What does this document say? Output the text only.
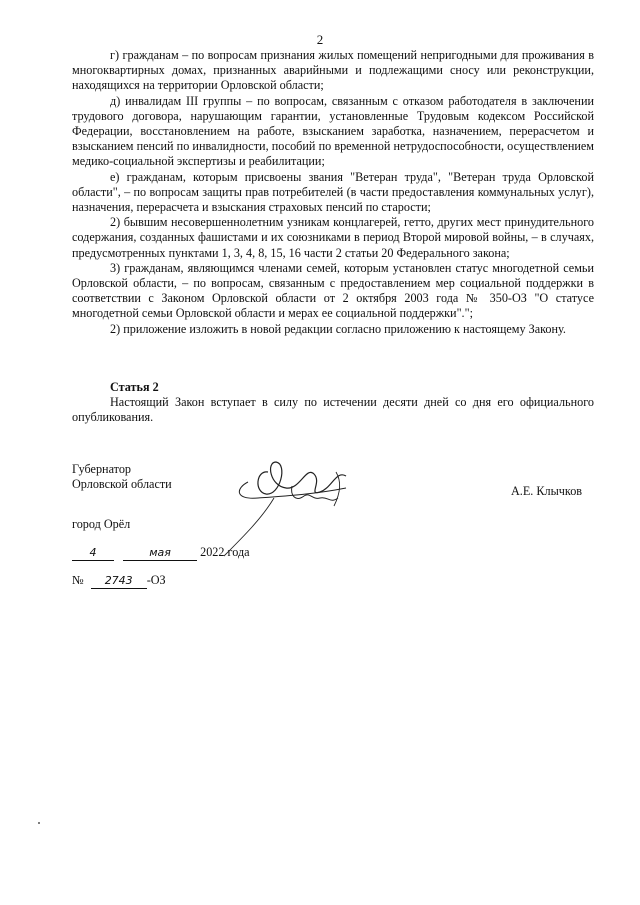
2

г) гражданам – по вопросам признания жилых помещений непригодными для проживания в многоквартирных домах, признанных аварийными и подлежащими сносу или реконструкции, находящихся на территории Орловской области;

д) инвалидам III группы – по вопросам, связанным с отказом работодателя в заключении трудового договора, нарушающим гарантии, установленные Трудовым кодексом Российской Федерации, восстановлением на работе, взысканием заработка, назначением, перерасчетом и взысканием пенсий по инвалидности, пособий по временной нетрудоспособности, осуществлением медико-социальной экспертизы и реабилитации;

е) гражданам, которым присвоены звания "Ветеран труда", "Ветеран труда Орловской области", – по вопросам защиты прав потребителей (в части предоставления коммунальных услуг), назначения, перерасчета и взыскания страховых пенсий по старости;

2) бывшим несовершеннолетним узникам концлагерей, гетто, других мест принудительного содержания, созданных фашистами и их союзниками в период Второй мировой войны, – в случаях, предусмотренных пунктами 1, 3, 4, 8, 15, 16 части 2 статьи 20 Федерального закона;

3) гражданам, являющимся членами семей, которым установлен статус многодетной семьи Орловской области, – по вопросам, связанным с предоставлением мер социальной поддержки в соответствии с Законом Орловской области от 2 октября 2003 года № 350-ОЗ "О статусе многодетной семьи Орловской области и мерах ее социальной поддержки".";

2) приложение изложить в новой редакции согласно приложению к настоящему Закону.

Статья 2

Настоящий Закон вступает в силу по истечении десяти дней со дня его официального опубликования.

Губернатор
Орловской области	А.Е. Клычков
город Орёл
4	мая 2022 года
№ 2743 -ОЗ
